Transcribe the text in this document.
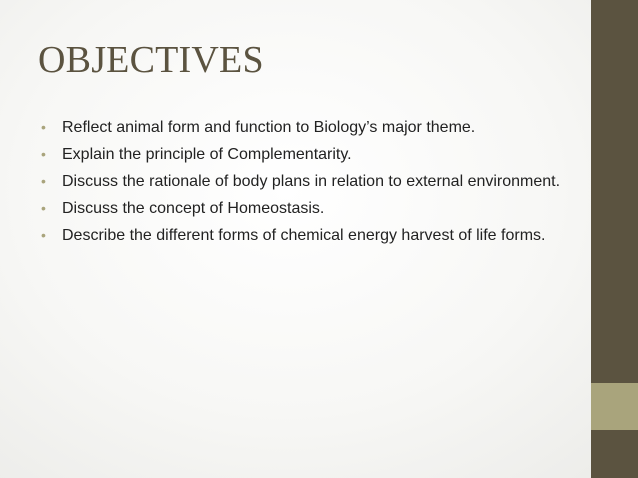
OBJECTIVES
• Reflect animal form and function to Biology’s major theme.
• Explain the principle of Complementarity.
• Discuss the rationale of body plans in relation to external environment.
• Discuss the concept of Homeostasis.
• Describe the different forms of chemical energy harvest of life forms.
